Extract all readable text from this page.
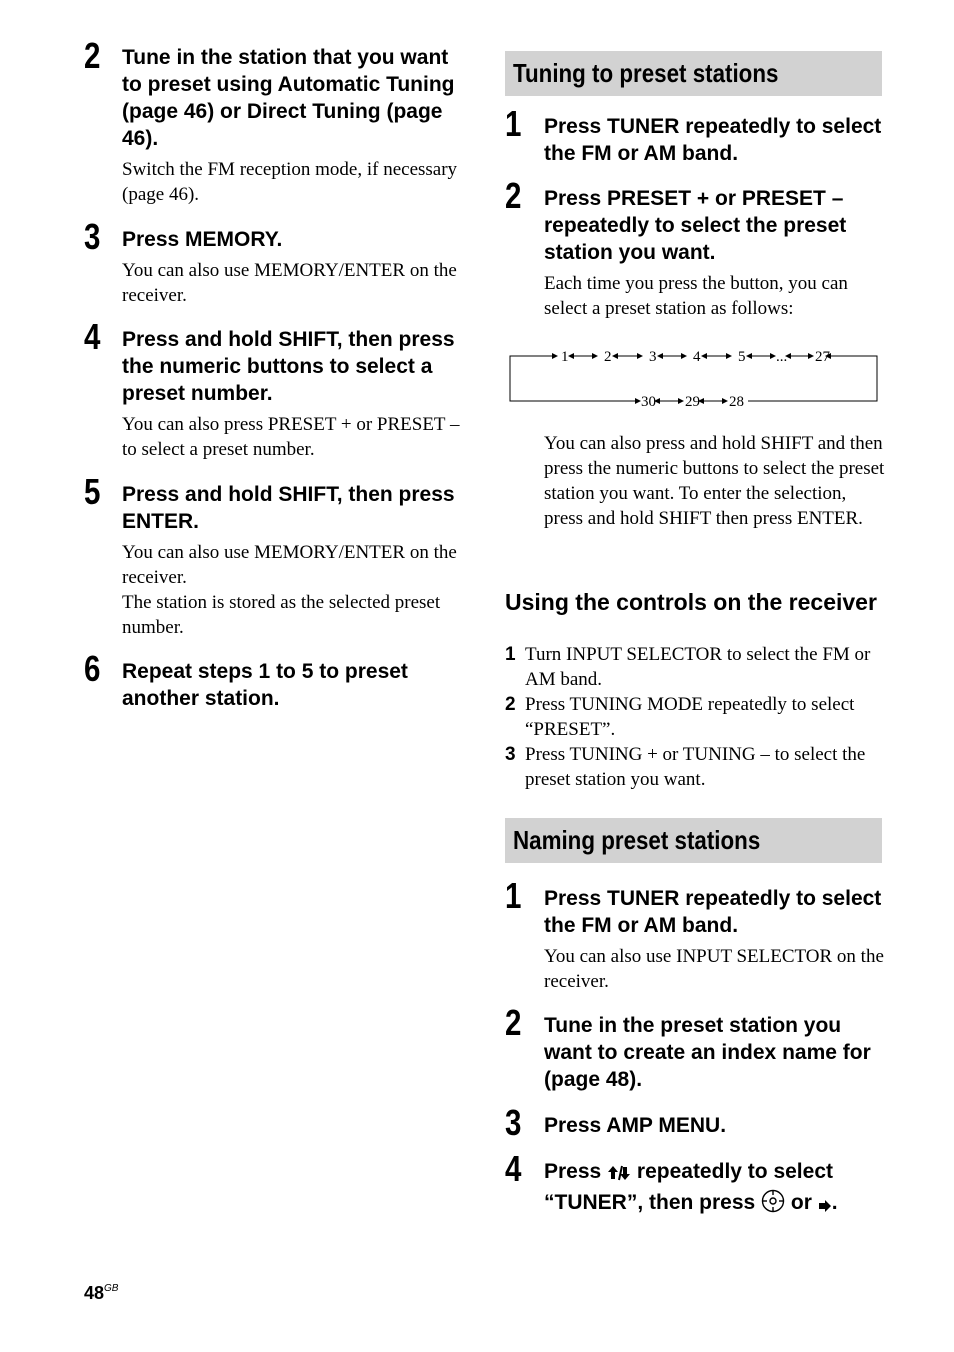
2 Tune in the station that you want to preset using Automatic Tuning (page 46) or Direct Tuning (page 46).
Switch the FM reception mode, if necessary (page 46).
3 Press MEMORY.
You can also use MEMORY/ENTER on the receiver.
4 Press and hold SHIFT, then press the numeric buttons to select a preset number.
You can also press PRESET + or PRESET – to select a preset number.
5 Press and hold SHIFT, then press ENTER.
You can also use MEMORY/ENTER on the receiver.
The station is stored as the selected preset number.
6 Repeat steps 1 to 5 to preset another station.
Tuning to preset stations
1 Press TUNER repeatedly to select the FM or AM band.
2 Press PRESET + or PRESET – repeatedly to select the preset station you want.
Each time you press the button, you can select a preset station as follows:
1 2	3 4	5 ... 27
30 29 28
You can also press and hold SHIFT and then press the numeric buttons to select the preset station you want. To enter the selection, press and hold SHIFT then press ENTER.
Using the controls on the receiver
1 Turn INPUT SELECTOR to select the FM or AM band.
2 Press TUNING MODE repeatedly to select “PRESET”.
3 Press TUNING + or TUNING – to select the preset station you want.
Naming preset stations
1 Press TUNER repeatedly to select the FM or AM band.
You can also use INPUT SELECTOR on the receiver.
2 Tune in the preset station you want to create an index name for (page 48).
3 Press AMP MENU.
4 Press repeatedly to select “TUNER”, then press or .
$48^{GB}$
